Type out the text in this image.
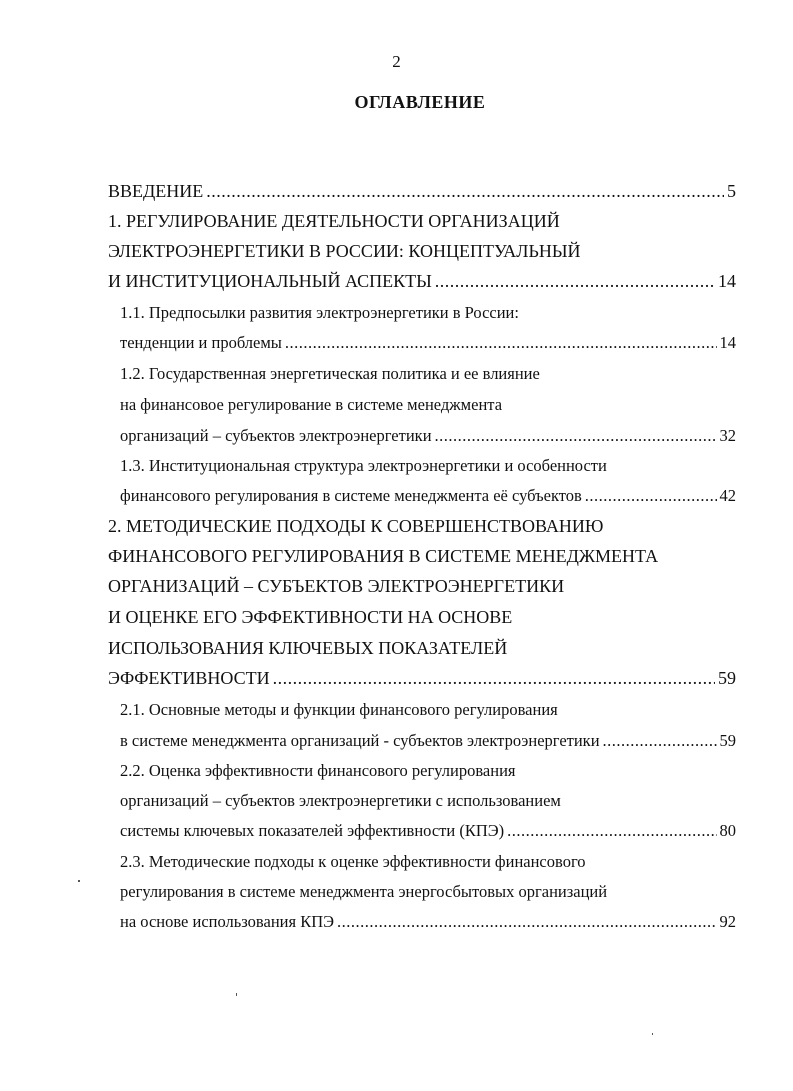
2
ОГЛАВЛЕНИЕ
ВВЕДЕНИЕ .....	5
1. РЕГУЛИРОВАНИЕ ДЕЯТЕЛЬНОСТИ ОРГАНИЗАЦИЙ
ЭЛЕКТРОЭНЕРГЕТИКИ В РОССИИ: КОНЦЕПТУАЛЬНЫЙ
И ИНСТИТУЦИОНАЛЬНЫЙ АСПЕКТЫ .....	14
1.1. Предпосылки развития электроэнергетики в России:
тенденции и проблемы .....	14
1.2. Государственная энергетическая политика и ее влияние
на финансовое регулирование в системе менеджмента
организаций – субъектов электроэнергетики .....	32
1.3. Институциональная структура электроэнергетики и особенности
финансового регулирования в системе менеджмента её субъектов .....	42
2. МЕТОДИЧЕСКИЕ ПОДХОДЫ К СОВЕРШЕНСТВОВАНИЮ
ФИНАНСОВОГО РЕГУЛИРОВАНИЯ В СИСТЕМЕ МЕНЕДЖМЕНТА
ОРГАНИЗАЦИЙ – СУБЪЕКТОВ ЭЛЕКТРОЭНЕРГЕТИКИ
И ОЦЕНКЕ ЕГО ЭФФЕКТИВНОСТИ НА ОСНОВЕ
ИСПОЛЬЗОВАНИЯ КЛЮЧЕВЫХ ПОКАЗАТЕЛЕЙ
ЭФФЕКТИВНОСТИ .....	59
2.1. Основные методы и функции финансового регулирования
в системе менеджмента организаций - субъектов электроэнергетики .....	59
2.2. Оценка эффективности финансового регулирования
организаций – субъектов электроэнергетики с использованием
системы ключевых показателей эффективности (КПЭ) .....	80
2.3. Методические подходы к оценке эффективности финансового
регулирования в системе менеджмента энергосбытовых организаций
на основе использования КПЭ .....	92
